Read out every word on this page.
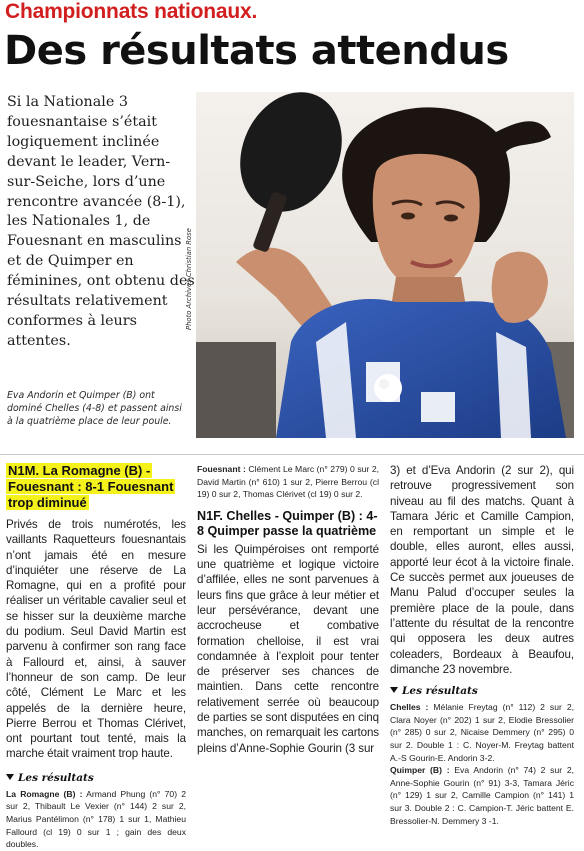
Championnats nationaux.
Des résultats attendus

Si la Nationale 3 fouesnantaise s’était logiquement inclinée devant le leader, Vern-sur-Seiche, lors d’une rencontre avancée (8-1), les Nationales 1, de Fouesnant en masculins et de Quimper en féminines, ont obtenu des résultats relativement conformes à leurs attentes.

Photo Archives Christian Rose
Eva Andorin et Quimper (B) ont dominé Chelles (4-8) et passent ainsi à la quatrième place de leur poule.
N1M. La Romagne (B) - Fouesnant : 8-1 Fouesnant trop diminué

Privés de trois numérotés, les vaillants Raquetteurs fouesnantais n’ont jamais été en mesure d’inquiéter une réserve de La Romagne, qui en a profité pour réaliser un véritable cavalier seul et se hisser sur la deuxième marche du podium. Seul David Martin est parvenu à confirmer son rang face à Fallourd et, ainsi, à sauver l’honneur de son camp. De leur côté, Clément Le Marc et les appelés de la dernière heure, Pierre Berrou et Thomas Clérivet, ont pourtant tout tenté, mais la marche était vraiment trop haute.

Les résultats

La Romagne (B) : Armand Phung (n° 70) 2 sur 2, Thibault Le Vexier (n° 144) 2 sur 2, Marius Pantélimon (n° 178) 1 sur 1, Mathieu Fallourd (cl 19) 0 sur 1 ; gain des deux doubles.

Fouesnant : Clément Le Marc (n° 279) 0 sur 2, David Martin (n° 610) 1 sur 2, Pierre Berrou (cl 19) 0 sur 2, Thomas Clérivet (cl 19) 0 sur 2.

N1F. Chelles - Quimper (B) : 4-8 Quimper passe la quatrième

Si les Quimpéroises ont remporté une quatrième et logique victoire d’affilée, elles ne sont parvenues à leurs fins que grâce à leur métier et leur persévérance, devant une accrocheuse et combative formation chelloise, il est vrai condamnée à l’exploit pour tenter de préserver ses chances de maintien. Dans cette rencontre relativement serrée où beaucoup de parties se sont disputées en cinq manches, on remarquait les cartons pleins d’Anne-Sophie Gourin (3 sur

3) et d’Eva Andorin (2 sur 2), qui retrouve progressivement son niveau au fil des matchs. Quant à Tamara Jéric et Camille Campion, en remportant un simple et le double, elles auront, elles aussi, apporté leur écot à la victoire finale. Ce succès permet aux joueuses de Manu Palud d’occuper seules la première place de la poule, dans l’attente du résultat de la rencontre qui opposera les deux autres coleaders, Bordeaux à Beaufou, dimanche 23 novembre.

Les résultats

Chelles : Mélanie Freytag (n° 112) 2 sur 2, Clara Noyer (n° 202) 1 sur 2, Elodie Bressolier (n° 285) 0 sur 2, Nicaise Demmery (n° 295) 0 sur 2. Double 1 : C. Noyer-M. Freytag battent A.-S Gourin-E. Andorin 3-2.

Quimper (B) : Eva Andorin (n° 74) 2 sur 2, Anne-Sophie Gourin (n° 91) 3-3, Tamara Jéric (n° 129) 1 sur 2, Camille Campion (n° 141) 1 sur 3. Double 2 : C. Campion-T. Jéric battent E. Bressolier-N. Demmery 3 -1.
